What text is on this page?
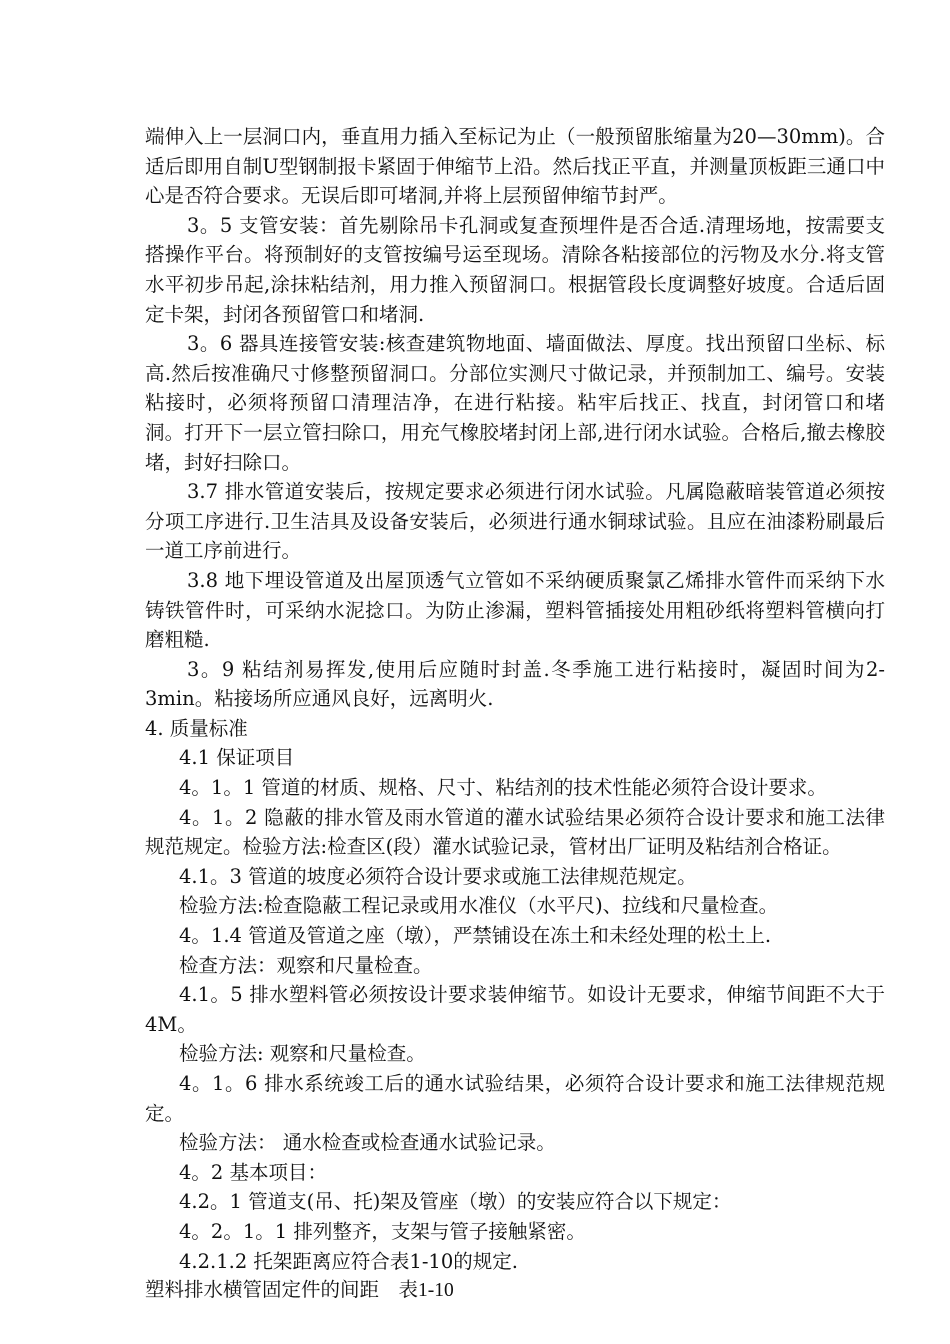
端伸入上一层洞口内，垂直用力插入至标记为止（一般预留胀缩量为20—30mm)。合适后即用自制U型钢制报卡紧固于伸缩节上沿。然后找正平直，并测量顶板距三通口中心是否符合要求。无误后即可堵洞,并将上层预留伸缩节封严。

3。5 支管安装：首先剔除吊卡孔洞或复查预埋件是否合适.清理场地，按需要支搭操作平台。将预制好的支管按编号运至现场。清除各粘接部位的污物及水分.将支管水平初步吊起,涂抹粘结剂，用力推入预留洞口。根据管段长度调整好坡度。合适后固定卡架，封闭各预留管口和堵洞.

3。6 器具连接管安装:核查建筑物地面、墙面做法、厚度。找出预留口坐标、标高.然后按准确尺寸修整预留洞口。分部位实测尺寸做记录，并预制加工、编号。安装粘接时，必须将预留口清理洁净，在进行粘接。粘牢后找正、找直，封闭管口和堵洞。打开下一层立管扫除口，用充气橡胶堵封闭上部,进行闭水试验。合格后,撤去橡胶堵，封好扫除口。

3.7 排水管道安装后，按规定要求必须进行闭水试验。凡属隐蔽暗装管道必须按分项工序进行.卫生洁具及设备安装后，必须进行通水铜球试验。且应在油漆粉刷最后一道工序前进行。

3.8 地下埋设管道及出屋顶透气立管如不采纳硬质聚氯乙烯排水管件而采纳下水铸铁管件时，可采纳水泥捻口。为防止渗漏，塑料管插接处用粗砂纸将塑料管横向打磨粗糙.

3。9 粘结剂易挥发,使用后应随时封盖.冬季施工进行粘接时，凝固时间为2-3min。粘接场所应通风良好，远离明火.

4. 质量标准

4.1 保证项目

4。1。1 管道的材质、规格、尺寸、粘结剂的技术性能必须符合设计要求。

4。1。2 隐蔽的排水管及雨水管道的灌水试验结果必须符合设计要求和施工法律规范规定。检验方法:检查区(段）灌水试验记录，管材出厂证明及粘结剂合格证。

4.1。3 管道的坡度必须符合设计要求或施工法律规范规定。

检验方法:检查隐蔽工程记录或用水准仪（水平尺)、拉线和尺量检查。

4。1.4 管道及管道之座（墩），严禁铺设在冻土和未经处理的松土上.

检查方法：观察和尺量检查。

4.1。5 排水塑料管必须按设计要求装伸缩节。如设计无要求，伸缩节间距不大于4M。

检验方法: 观察和尺量检查。

4。1。6 排水系统竣工后的通水试验结果，必须符合设计要求和施工法律规范规定。

检验方法： 通水检查或检查通水试验记录。

4。2 基本项目：

4.2。1 管道支(吊、托)架及管座（墩）的安装应符合以下规定：

4。2。1。1 排列整齐，支架与管子接触紧密。

4.2.1.2 托架距离应符合表1-10的规定.

塑料排水横管固定件的间距　表1-10
